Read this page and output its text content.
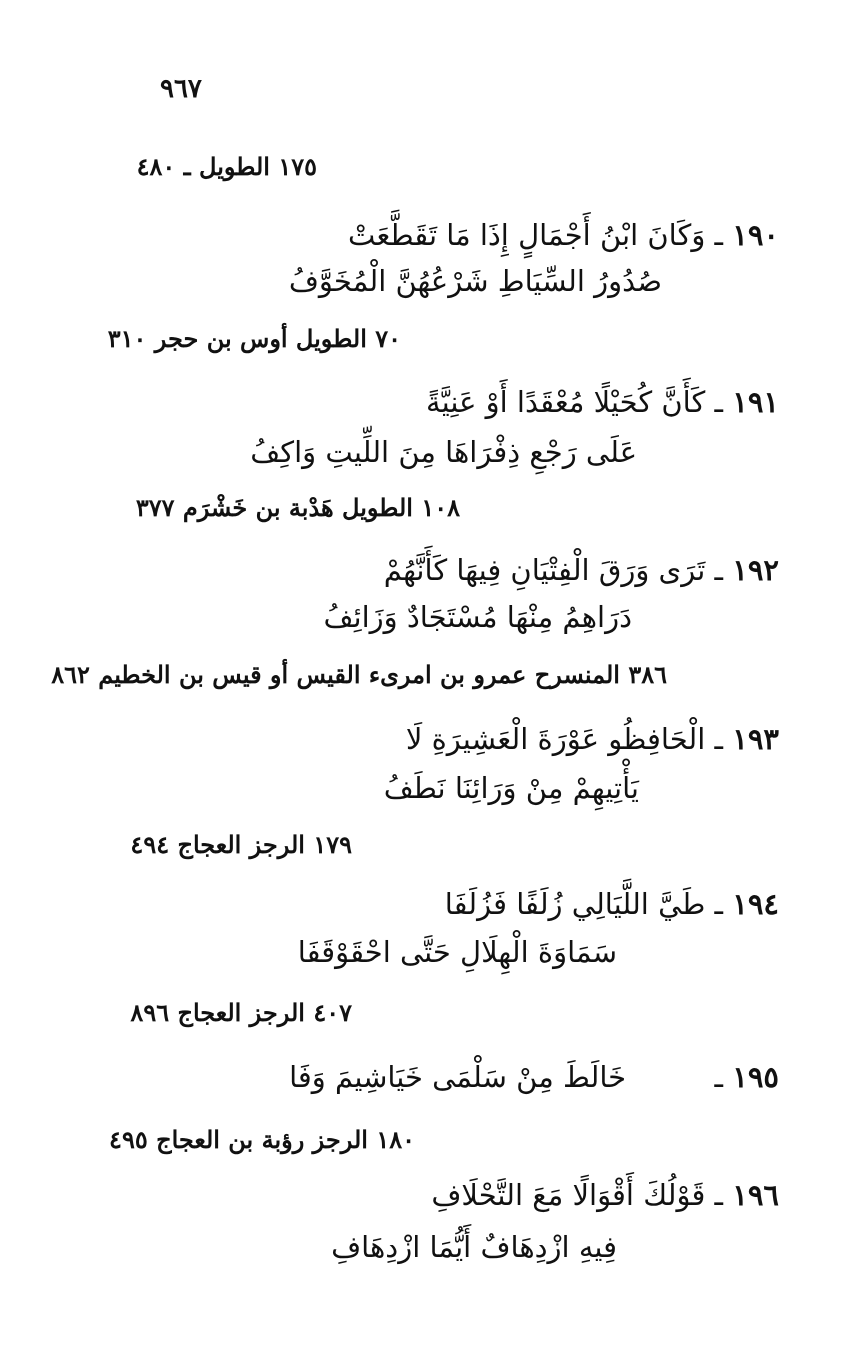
٩٦٧
١٧٥ الطويل ـ ٤٨٠
١٩٠ ـ وَكَانَ ابْنُ أَجْمَالٍ إِذَا مَا تَقَطَّعَتْ
صُدُورُ السِّيَاطِ شَرْعُهُنَّ الْمُخَوَّفُ
٧٠ الطويل أوس بن حجر ٣١٠
١٩١ ـ كَأَنَّ كُحَيْلًا مُعْقَدًا أَوْ عَنِيَّةً
عَلَى رَجْعِ ذِفْرَاهَا مِنَ اللِّيتِ وَاكِفُ
١٠٨ الطويل هَدْبة بن خَشْرَم ٣٧٧
١٩٢ ـ تَرَى وَرَقَ الْفِتْيَانِ فِيهَا كَأَنَّهُمْ
دَرَاهِمُ مِنْهَا مُسْتَجَادٌ وَزَائِفُ
٣٨٦ المنسرح عمرو بن امرىء القيس أو قيس بن الخطيم ٨٦٢
١٩٣ ـ الْحَافِظُو عَوْرَةَ الْعَشِيرَةِ لَا
يَأْتِيهِمْ مِنْ وَرَائِنَا نَطَفُ
١٧٩ الرجز العجاج ٤٩٤
١٩٤ ـ طَيَّ اللَّيَالِي زُلَفًا فَزُلَفَا
سَمَاوَةَ الْهِلَالِ حَتَّى احْقَوْقَفَا
٤٠٧ الرجز العجاج ٨٩٦
١٩٥ ـ  خَالَطَ مِنْ سَلْمَى خَيَاشِيمَ وَفَا
١٨٠ الرجز رؤبة بن العجاج ٤٩٥
١٩٦ ـ قَوْلُكَ أَقْوَالًا مَعَ التَّحْلَافِ
فِيهِ ازْدِهَافٌ أَيُّمَا ازْدِهَافِ
